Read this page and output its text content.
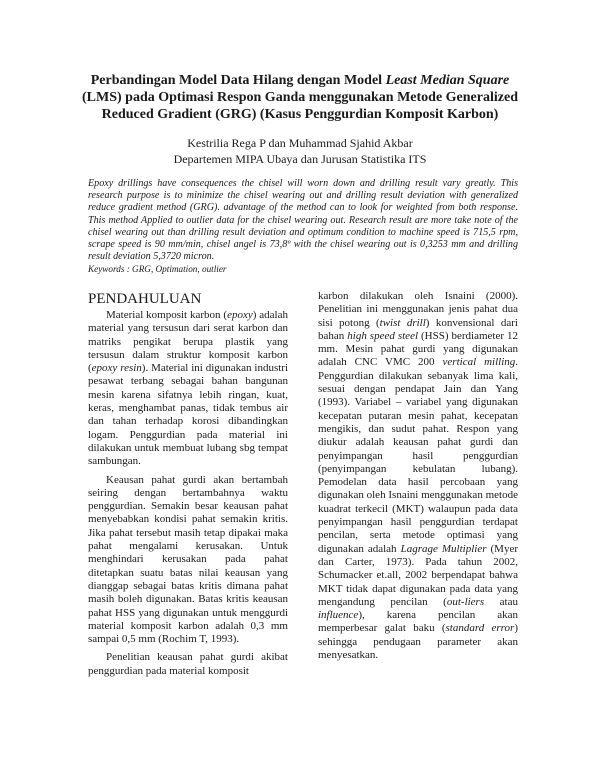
Perbandingan Model Data Hilang dengan Model Least Median Square (LMS) pada Optimasi Respon Ganda menggunakan Metode Generalized Reduced Gradient (GRG) (Kasus Penggurdian Komposit Karbon)
Kestrilia Rega P dan Muhammad Sjahid Akbar
Departemen MIPA Ubaya dan Jurusan Statistika ITS
Epoxy drillings have consequences the chisel will worn down and drilling result vary greatly. This research purpose is to minimize the chisel wearing out and drilling result deviation with generalized reduce gradient method (GRG). advantage of the method can to look for weighted from both response. This method Applied to outlier data for the chisel wearing out. Research result are more take note of the chisel wearing out than drilling result deviation and optimum condition to machine speed is 715,5 rpm, scrape speed is 90 mm/min, chisel angel is 73,8º with the chisel wearing out is 0,3253 mm and drilling result deviation 5,3720 micron.
Keywords : GRG, Optimation, outlier
PENDAHULUAN

Material komposit karbon (epoxy) adalah material yang tersusun dari serat karbon dan matriks pengikat berupa plastik yang tersusun dalam struktur komposit karbon (epoxy resin). Material ini digunakan industri pesawat terbang sebagai bahan bangunan mesin karena sifatnya lebih ringan, kuat, keras, menghambat panas, tidak tembus air dan tahan terhadap korosi dibandingkan logam. Penggurdian pada material ini dilakukan untuk membuat lubang sbg tempat sambungan.

Keausan pahat gurdi akan bertambah seiring dengan bertambahnya waktu penggurdian. Semakin besar keausan pahat menyebabkan kondisi pahat semakin kritis. Jika pahat tersebut masih tetap dipakai maka pahat mengalami kerusakan. Untuk menghindari kerusakan pada pahat ditetapkan suatu batas nilai keausan yang dianggap sebagai batas kritis dimana pahat masih boleh digunakan. Batas kritis keausan pahat HSS yang digunakan untuk menggurdi material komposit karbon adalah 0,3 mm sampai 0,5 mm (Rochim T, 1993).

Penelitian keausan pahat gurdi akibat penggurdian pada material komposit

karbon dilakukan oleh Isnaini (2000). Penelitian ini menggunakan jenis pahat dua sisi potong (twist drill) konvensional dari bahan high speed steel (HSS) berdiameter 12 mm. Mesin pahat gurdi yang digunakan adalah CNC VMC 200 vertical milling. Penggurdian dilakukan sebanyak lima kali, sesuai dengan pendapat Jain dan Yang (1993). Variabel – variabel yang digunakan kecepatan putaran mesin pahat, kecepatan mengikis, dan sudut pahat. Respon yang diukur adalah keausan pahat gurdi dan penyimpangan hasil penggurdian (penyimpangan kebulatan lubang). Pemodelan data hasil percobaan yang digunakan oleh Isnaini menggunakan metode kuadrat terkecil (MKT) walaupun pada data penyimpangan hasil penggurdian terdapat pencilan, serta metode optimasi yang digunakan adalah Lagrage Multiplier (Myer dan Carter, 1973). Pada tahun 2002, Schumacker et.all, 2002 berpendapat bahwa MKT tidak dapat digunakan pada data yang mengandung pencilan (out-liers atau influence), karena pencilan akan memperbesar galat baku (standard error) sehingga pendugaan parameter akan menyesatkan.
